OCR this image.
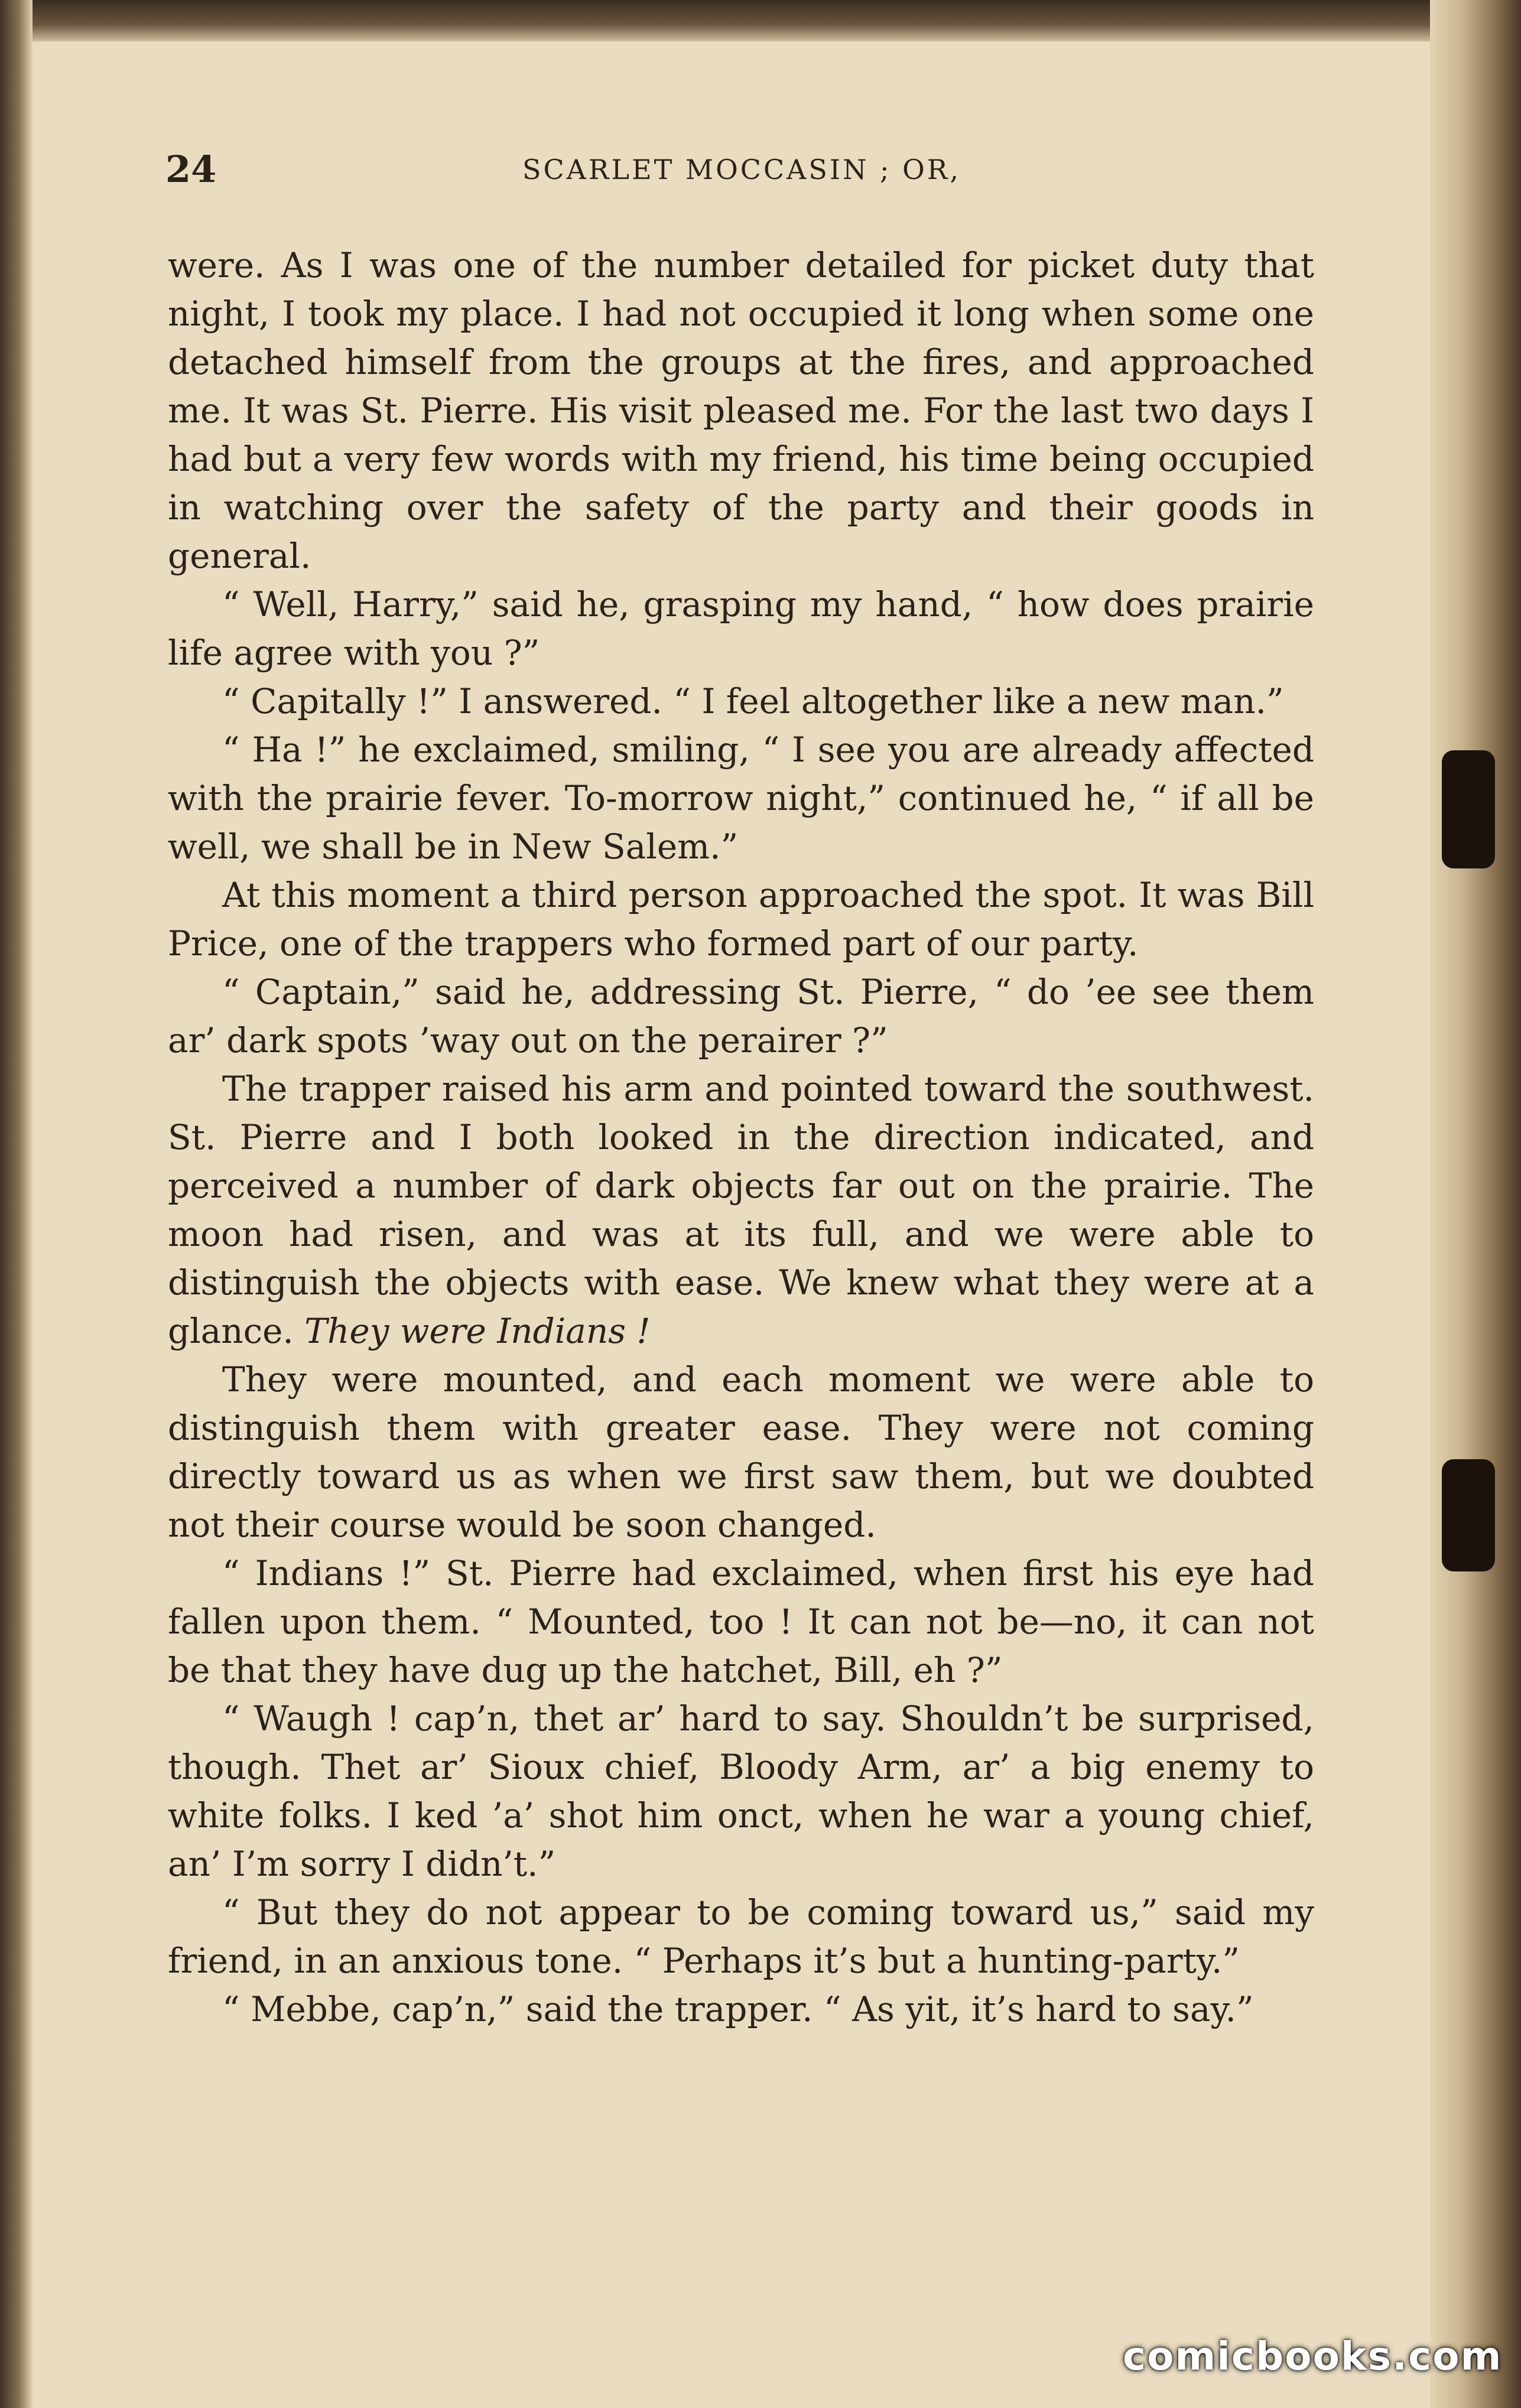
24	SCARLET MOCCASIN ; OR,

were. As I was one of the number detailed for picket duty that night, I took my place. I had not occupied it long when some one detached himself from the groups at the fires, and approached me. It was St. Pierre. His visit pleased me. For the last two days I had but a very few words with my friend, his time being occupied in watching over the safety of the party and their goods in general.

“ Well, Harry,” said he, grasping my hand, “ how does prairie life agree with you ?”

“ Capitally !” I answered. “ I feel altogether like a new man.”

“ Ha !” he exclaimed, smiling, “ I see you are already affected with the prairie fever. To-morrow night,” continued he, “ if all be well, we shall be in New Salem.”

At this moment a third person approached the spot. It was Bill Price, one of the trappers who formed part of our party.

“ Captain,” said he, addressing St. Pierre, “ do ’ee see them ar’ dark spots ’way out on the perairer ?”

The trapper raised his arm and pointed toward the southwest. St. Pierre and I both looked in the direction indicated, and perceived a number of dark objects far out on the prairie. The moon had risen, and was at its full, and we were able to distinguish the objects with ease. We knew what they were at a glance. They were Indians !

They were mounted, and each moment we were able to distinguish them with greater ease. They were not coming directly toward us as when we first saw them, but we doubted not their course would be soon changed.

“ Indians !” St. Pierre had exclaimed, when first his eye had fallen upon them. “ Mounted, too ! It can not be—no, it can not be that they have dug up the hatchet, Bill, eh ?”

“ Waugh ! cap’n, thet ar’ hard to say. Shouldn’t be surprised, though. Thet ar’ Sioux chief, Bloody Arm, ar’ a big enemy to white folks. I ked ’a’ shot him onct, when he war a young chief, an’ I’m sorry I didn’t.”

“ But they do not appear to be coming toward us,” said my friend, in an anxious tone. “ Perhaps it’s but a hunting-party.”

“ Mebbe, cap’n,” said the trapper. “ As yit, it’s hard to say.”

comicbooks.com
